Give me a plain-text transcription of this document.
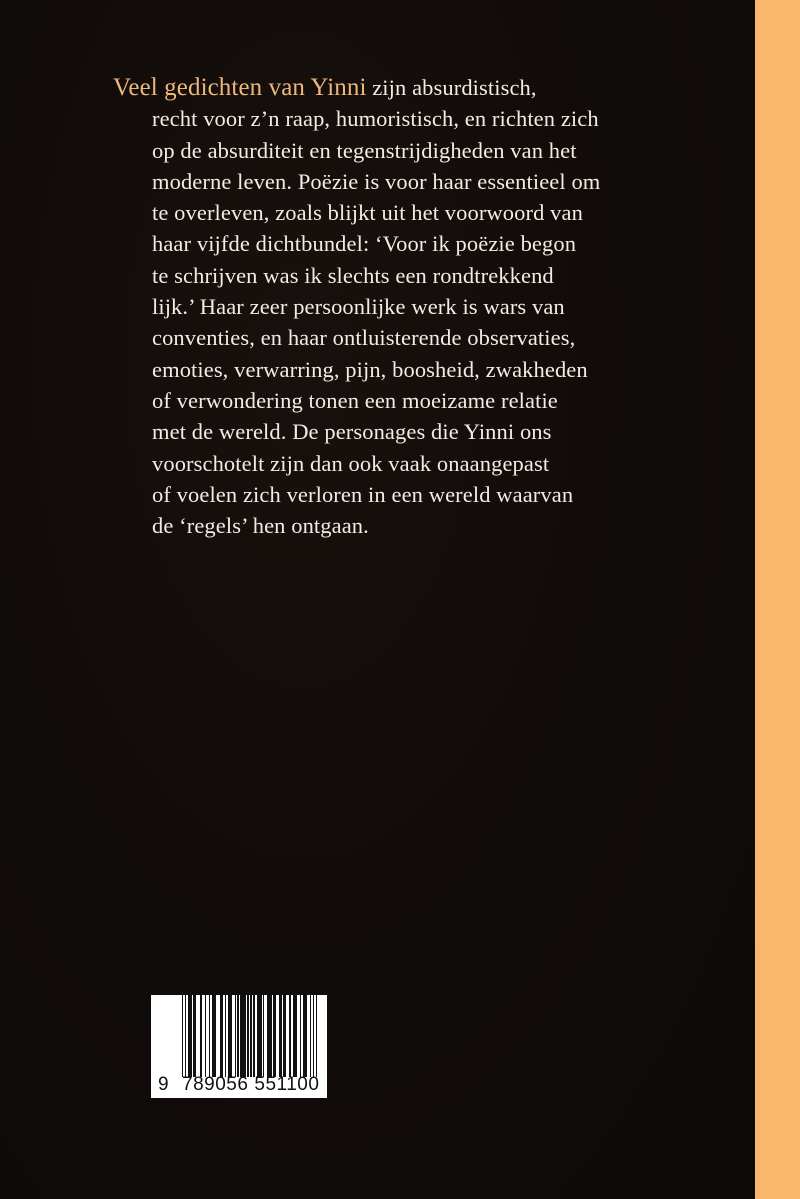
Veel gedichten van Yinni zijn absurdistisch,
recht voor z’n raap, humoristisch, en richten zich
op de absurditeit en tegenstrijdigheden van het
moderne leven. Poëzie is voor haar essentieel om
te overleven, zoals blijkt uit het voorwoord van
haar vijfde dichtbundel: ‘Voor ik poëzie begon
te schrijven was ik slechts een rondtrekkend
lijk.’ Haar zeer persoonlijke werk is wars van
conventies, en haar ontluisterende observaties,
emoties, verwarring, pijn, boosheid, zwakheden
of verwondering tonen een moeizame relatie
met de wereld. De personages die Yinni ons
voorschotelt zijn dan ook vaak onaangepast
of voelen zich verloren in een wereld waarvan
de ‘regels’ hen ontgaan.
9 789056 551100
